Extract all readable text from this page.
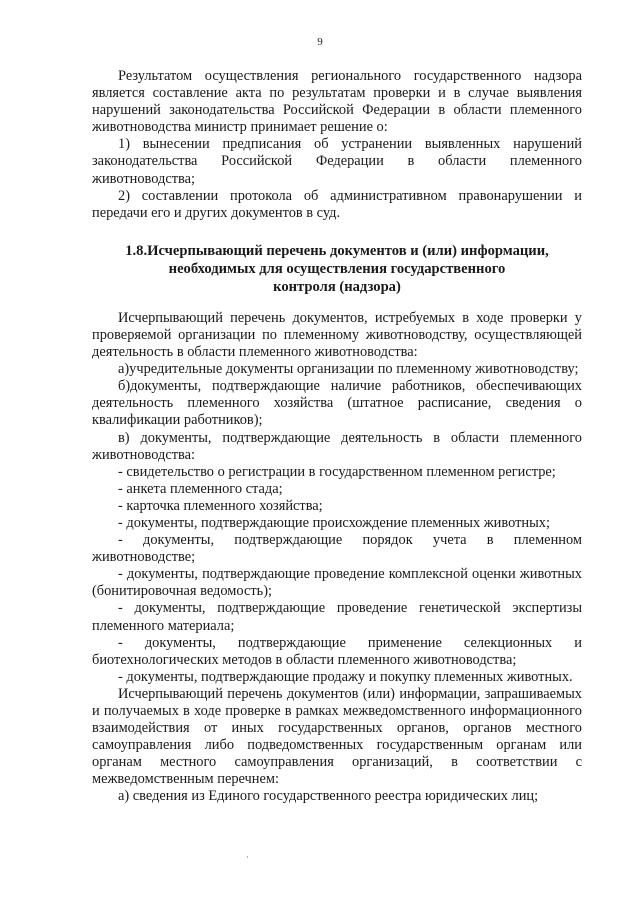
9

Результатом осуществления регионального государственного надзора является составление акта по результатам проверки и в случае выявления нарушений законодательства Российской Федерации в области племенного животноводства министр принимает решение о:

1) вынесении предписания об устранении выявленных нарушений законодательства Российской Федерации в области племенного животноводства;

2) составлении протокола об административном правонарушении и передачи его и других документов в суд.

1.8.Исчерпывающий перечень документов и (или) информации,
необходимых для осуществления государственного
контроля (надзора)

Исчерпывающий перечень документов, истребуемых в ходе проверки у проверяемой организации по племенному животноводству, осуществляющей деятельность в области племенного животноводства:

а)учредительные документы организации по племенному животноводству;

б)документы, подтверждающие наличие работников, обеспечивающих деятельность племенного хозяйства (штатное расписание, сведения о квалификации работников);

в) документы, подтверждающие деятельность в области племенного животноводства:

- свидетельство о регистрации в государственном племенном регистре;

- анкета племенного стада;

- карточка племенного хозяйства;

- документы, подтверждающие происхождение племенных животных;

- документы, подтверждающие порядок учета в племенном животноводстве;

- документы, подтверждающие проведение комплексной оценки животных (бонитировочная ведомость);

- документы, подтверждающие проведение генетической экспертизы племенного материала;

- документы, подтверждающие применение селекционных и биотехнологических методов в области племенного животноводства;

- документы, подтверждающие продажу и покупку племенных животных.

Исчерпывающий перечень документов (или) информации, запрашиваемых и получаемых в ходе проверке в рамках межведомственного информационного взаимодействия от иных государственных органов, органов местного самоуправления либо подведомственных государственным органам или органам местного самоуправления организаций, в соответствии с межведомственным перечнем:

а) сведения из Единого государственного реестра юридических лиц;

·
